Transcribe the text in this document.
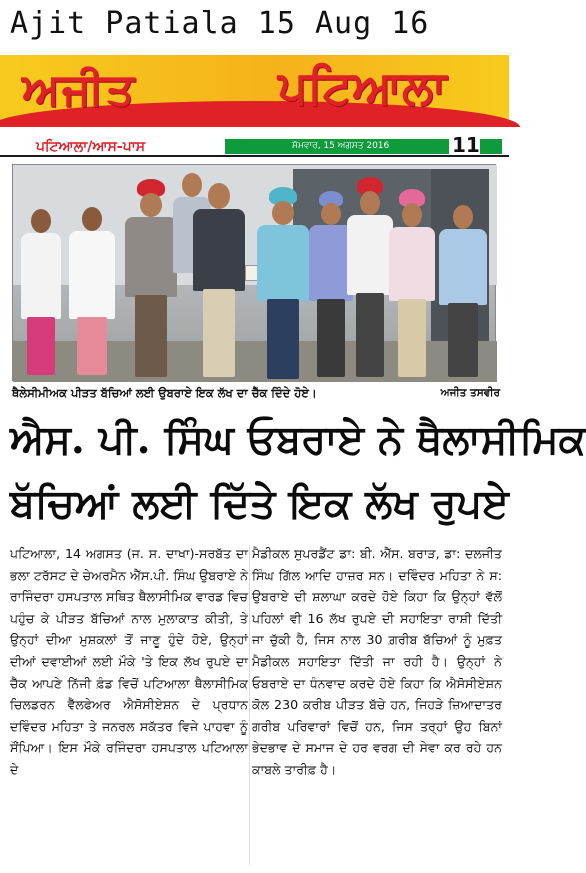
Ajit Patiala 15 Aug 16
ਅਜੀਤ	ਪਟਿਆਲਾ
ਪਟਿਆਲਾ/ਆਸ-ਪਾਸ	ਸੋਮਵਾਰ, 15 ਅਗਸਤ 2016	11
ਥੈਲੇਸੀਮੀਅਕ ਪੀੜਤ ਬੱਚਿਆਂ ਲਈ ਉਬਰਾਏ ਇਕ ਲੱਖ ਦਾ ਚੈੱਕ ਦਿੰਦੇ ਹੋਏ।	ਅਜੀਤ ਤਸਵੀਰ
ਐਸ. ਪੀ. ਸਿੰਘ ਓਬਰਾਏ ਨੇ ਥੈਲਾਸੀਮਿਕ
ਬੱਚਿਆਂ ਲਈ ਦਿੱਤੇ ਇਕ ਲੱਖ ਰੁਪਏ

ਪਟਿਆਲਾ, 14 ਅਗਸਤ (ਜ. ਸ. ਦਾਖਾ)-ਸਰਬੱਤ ਦਾ ਭਲਾ ਟਰੱਸਟ ਦੇ ਚੇਅਰਮੈਨ ਐੱਸ.ਪੀ. ਸਿੰਘ ਉਬਰਾਏ ਨੇ ਰਾਜਿੰਦਰਾ ਹਸਪਤਾਲ ਸਥਿਤ ਥੈਲਾਸੀਮਿਕ ਵਾਰਡ ਵਿਚ ਪਹੁੰਚ ਕੇ ਪੀੜਤ ਬੱਚਿਆਂ ਨਾਲ ਮੁਲਾਕਾਤ ਕੀਤੀ, ਤੇ ਉਨ੍ਹਾਂ ਦੀਆ ਮੁਸ਼ਕਲਾਂ ਤੋਂ ਜਾਣੂ ਹੁੰਦੇ ਹੋਏ, ਉਨ੍ਹਾਂ ਦੀਆਂ ਦਵਾਈਆਂ ਲਈ ਮੌਕੇ 'ਤੇ ਇਕ ਲੱਖ ਰੁਪਏ ਦਾ ਚੈੱਕ ਆਪਣੇ ਨਿੱਜੀ ਫ਼ੰਡ ਵਿਚੋਂ ਪਟਿਆਲਾ ਥੈਲਾਸੀਮਿਕ ਚਿਲਡਰਨ ਵੈੱਲਫੇਅਰ ਐਸੋਸੀਏਸ਼ਨ ਦੇ ਪ੍ਰਧਾਨ ਦਵਿੰਦਰ ਮਹਿਤਾ ਤੇ ਜਨਰਲ ਸਕੱਤਰ ਵਿਜੇ ਪਾਹਵਾ ਨੂੰ ਸੌਂਪਿਆ। ਇਸ ਮੌਕੇ ਰਜਿੰਦਰਾ ਹਸਪਤਾਲ ਪਟਿਆਲਾ ਦੇ

ਮੈਡੀਕਲ ਸੁਪਰਡੈਂਟ ਡਾ: ਬੀ. ਐੱਸ. ਬਰਾੜ, ਡਾ: ਦਲਜੀਤ ਸਿੰਘ ਗਿੱਲ ਆਦਿ ਹਾਜ਼ਰ ਸਨ। ਦਵਿੰਦਰ ਮਹਿਤਾ ਨੇ ਸ: ਉਬਰਾਏ ਦੀ ਸ਼ਲਾਘਾ ਕਰਦੇ ਹੋਏ ਕਿਹਾ ਕਿ ਉਨ੍ਹਾਂ ਵੱਲੋਂ ਪਹਿਲਾਂ ਵੀ 16 ਲੱਖ ਰੁਪਏ ਦੀ ਸਹਾਇਤਾ ਰਾਸ਼ੀ ਦਿੱਤੀ ਜਾ ਚੁੱਕੀ ਹੈ, ਜਿਸ ਨਾਲ 30 ਗ਼ਰੀਬ ਬੱਚਿਆਂ ਨੂੰ ਮੁਫ਼ਤ ਮੈਡੀਕਲ ਸਹਾਇਤਾ ਦਿੱਤੀ ਜਾ ਰਹੀ ਹੈ। ਉਨ੍ਹਾਂ ਨੇ ਓਬਰਾਏ ਦਾ ਧੰਨਵਾਦ ਕਰਦੇ ਹੋਏ ਕਿਹਾ ਕਿ ਐਸੋਸੀਏਸ਼ਨ ਕੋਲ 230 ਕਰੀਬ ਪੀੜਤ ਬੱਚੇ ਹਨ, ਜਿਹੜੇ ਜ਼ਿਆਦਾਤਰ ਗਰੀਬ ਪਰਿਵਾਰਾਂ ਵਿਚੋਂ ਹਨ, ਜਿਸ ਤਰ੍ਹਾਂ ਉਹ ਬਿਨਾਂ ਭੇਦਭਾਵ ਦੇ ਸਮਾਜ ਦੇ ਹਰ ਵਰਗ ਦੀ ਸੇਵਾ ਕਰ ਰਹੇ ਹਨ ਕਾਬਲੇ ਤਾਰੀਫ਼ ਹੈ।
